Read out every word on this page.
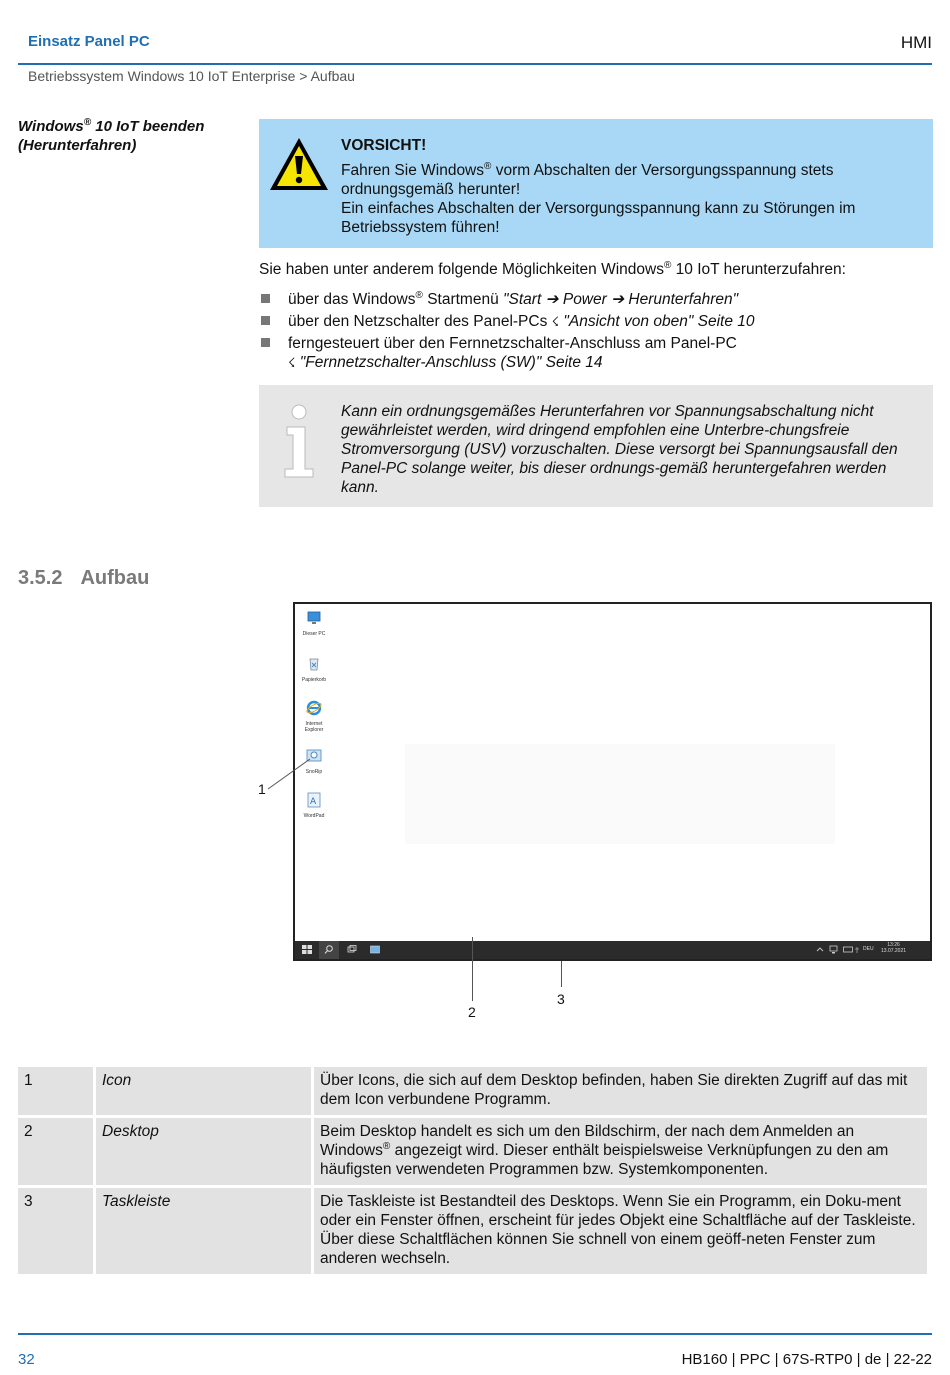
Einsatz Panel PC	HMI
Betriebssystem Windows 10 IoT Enterprise > Aufbau
Windows® 10 IoT beenden
(Herunterfahren)	VORSICHT!
Fahren Sie Windows® vorm Abschalten der Versorgungsspannung stets ordnungsgemäß herunter!
Ein einfaches Abschalten der Versorgungsspannung kann zu Störungen im Betriebssystem führen!
Sie haben unter anderem folgende Möglichkeiten Windows® 10 IoT herunterzufahren:
über das Windows® Startmenü "Start ➔ Power ➔ Herunterfahren"
über den Netzschalter des Panel-PCs ☇ "Ansicht von oben" Seite 10
ferngesteuert über den Fernnetzschalter-Anschluss am Panel-PC
☇ "Fernnetzschalter-Anschluss (SW)" Seite 14
Kann ein ordnungsgemäßes Herunterfahren vor Spannungsabschaltung nicht gewährleistet werden, wird dringend empfohlen eine Unterbre-chungsfreie Stromversorgung (USV) vorzuschalten. Diese versorgt bei Spannungsausfall den Panel-PC solange weiter, bis dieser ordnungs-gemäß heruntergefahren werden kann.
3.5.2 Aufbau
Dieser PC
Papierkorb
Internet Explorer
SnoRip
A
WordPad
DEU
13:26
13.07.2021
1
2
3
1	Icon	Über Icons, die sich auf dem Desktop befinden, haben Sie direkten Zugriff auf das mit dem Icon verbundene Programm.
2	Desktop	Beim Desktop handelt es sich um den Bildschirm, der nach dem Anmelden an Windows® angezeigt wird. Dieser enthält beispielsweise Verknüpfungen zu den am häufigsten verwendeten Programmen bzw. Systemkomponenten.
3	Taskleiste	Die Taskleiste ist Bestandteil des Desktops. Wenn Sie ein Programm, ein Doku-ment oder ein Fenster öffnen, erscheint für jedes Objekt eine Schaltfläche auf der Taskleiste. Über diese Schaltflächen können Sie schnell von einem geöff-neten Fenster zum anderen wechseln.
32	HB160 | PPC | 67S-RTP0 | de | 22-22
